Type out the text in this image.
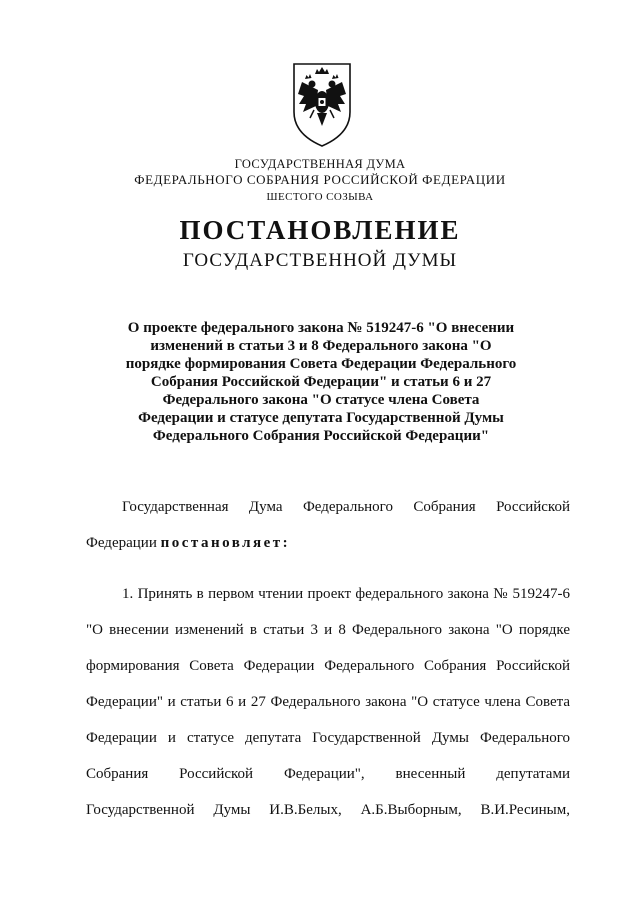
ГОСУДАРСТВЕННАЯ ДУМА
ФЕДЕРАЛЬНОГО СОБРАНИЯ РОССИЙСКОЙ ФЕДЕРАЦИИ
ШЕСТОГО СОЗЫВА
ПОСТАНОВЛЕНИЕ
ГОСУДАРСТВЕННОЙ ДУМЫ
О проекте федерального закона № 519247-6 "О внесении
изменений в статьи 3 и 8 Федерального закона "О
порядке формирования Совета Федерации Федерального
Собрания Российской Федерации" и статьи 6 и 27
Федерального закона "О статусе члена Совета
Федерации и статусе депутата Государственной Думы
Федерального Собрания Российской Федерации"
Государственная Дума Федерального Собрания Российской
Федерации постановляет:
1. Принять в первом чтении проект федерального закона № 519247-6
"О внесении изменений в статьи 3 и 8 Федерального закона "О порядке
формирования Совета Федерации Федерального Собрания Российской
Федерации" и статьи 6 и 27 Федерального закона "О статусе члена Совета
Федерации и статусе депутата Государственной Думы Федерального
Собрания Российской Федерации", внесенный депутатами
Государственной Думы И.В.Белых, А.Б.Выборным, В.И.Ресиным,
